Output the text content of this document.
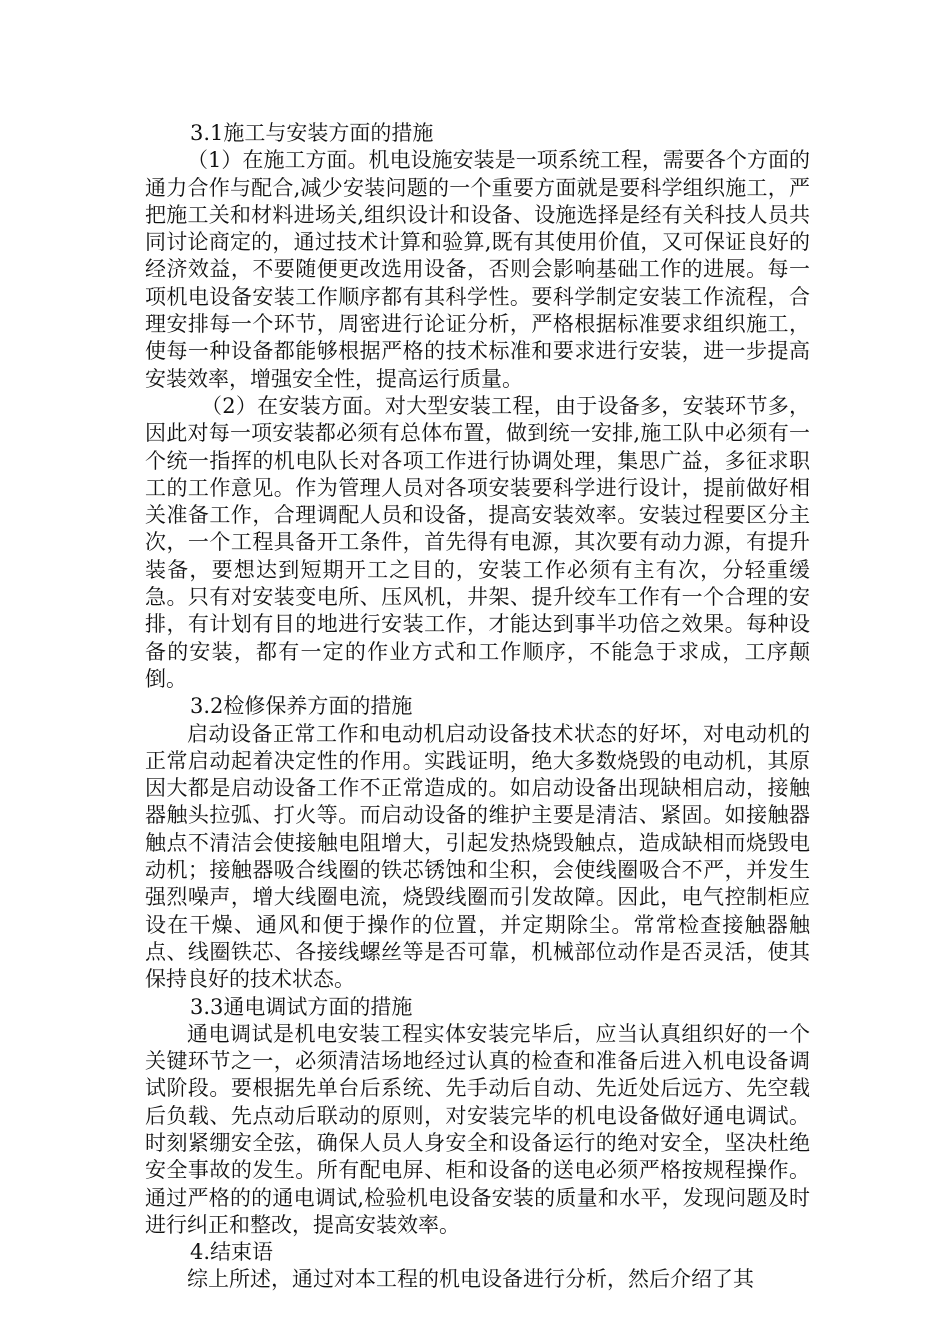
3.1施工与安装方面的措施

（1）在施工方面。机电设施安装是一项系统工程，需要各个方面的通力合作与配合,减少安装问题的一个重要方面就是要科学组织施工，严把施工关和材料进场关,组织设计和设备、设施选择是经有关科技人员共同讨论商定的，通过技术计算和验算,既有其使用价值，又可保证良好的经济效益，不要随便更改选用设备，否则会影响基础工作的进展。每一项机电设备安装工作顺序都有其科学性。要科学制定安装工作流程，合理安排每一个环节，周密进行论证分析，严格根据标准要求组织施工，使每一种设备都能够根据严格的技术标准和要求进行安装，进一步提高安装效率，增强安全性，提高运行质量。

（2）在安装方面。对大型安装工程，由于设备多，安装环节多，因此对每一项安装都必须有总体布置，做到统一安排,施工队中必须有一个统一指挥的机电队长对各项工作进行协调处理，集思广益，多征求职工的工作意见。作为管理人员对各项安装要科学进行设计，提前做好相关准备工作，合理调配人员和设备，提高安装效率。安装过程要区分主次，一个工程具备开工条件，首先得有电源，其次要有动力源，有提升装备，要想达到短期开工之目的，安装工作必须有主有次，分轻重缓急。只有对安装变电所、压风机，井架、提升绞车工作有一个合理的安排，有计划有目的地进行安装工作，才能达到事半功倍之效果。每种设备的安装，都有一定的作业方式和工作顺序，不能急于求成，工序颠倒。

3.2检修保养方面的措施

启动设备正常工作和电动机启动设备技术状态的好坏，对电动机的正常启动起着决定性的作用。实践证明，绝大多数烧毁的电动机，其原因大都是启动设备工作不正常造成的。如启动设备出现缺相启动，接触器触头拉弧、打火等。而启动设备的维护主要是清洁、紧固。如接触器触点不清洁会使接触电阻增大，引起发热烧毁触点，造成缺相而烧毁电动机；接触器吸合线圈的铁芯锈蚀和尘积，会使线圈吸合不严，并发生强烈噪声，增大线圈电流，烧毁线圈而引发故障。因此，电气控制柜应设在干燥、通风和便于操作的位置，并定期除尘。常常检查接触器触点、线圈铁芯、各接线螺丝等是否可靠，机械部位动作是否灵活，使其保持良好的技术状态。

3.3通电调试方面的措施

通电调试是机电安装工程实体安装完毕后，应当认真组织好的一个关键环节之一，必须清洁场地经过认真的检查和准备后进入机电设备调试阶段。要根据先单台后系统、先手动后自动、先近处后远方、先空载后负载、先点动后联动的原则，对安装完毕的机电设备做好通电调试。时刻紧绷安全弦，确保人员人身安全和设备运行的绝对安全，坚决杜绝安全事故的发生。所有配电屏、柜和设备的送电必须严格按规程操作。通过严格的的通电调试,检验机电设备安装的质量和水平，发现问题及时进行纠正和整改，提高安装效率。

4.结束语

综上所述，通过对本工程的机电设备进行分析，然后介绍了其
